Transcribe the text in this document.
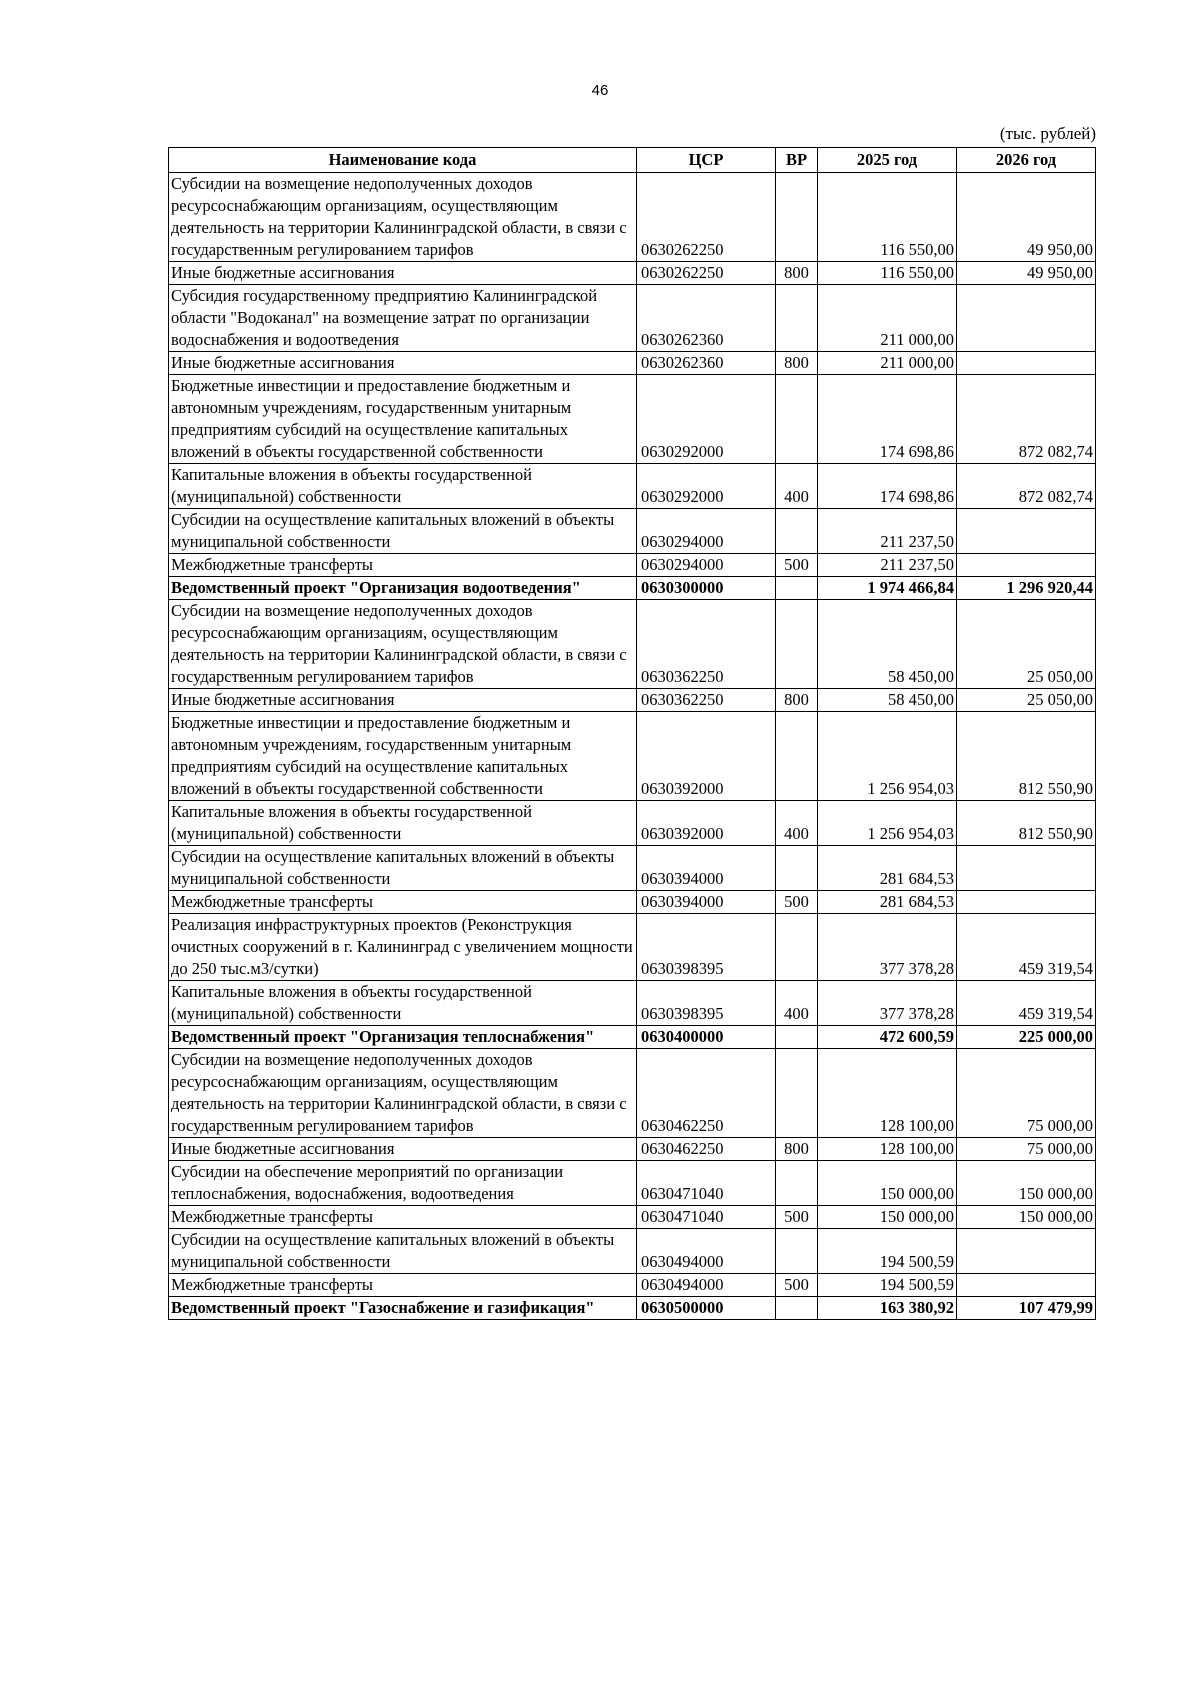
46
(тыс. рублей)
Наименование кода	ЦСР	ВР	2025 год	2026 год
Субсидии на возмещение недополученных доходов ресурсоснабжающим организациям, осуществляющим деятельность на территории Калининградской области, в связи с государственным регулированием тарифов	0630262250		116 550,00	49 950,00
Иные бюджетные ассигнования	0630262250	800	116 550,00	49 950,00
Субсидия государственному предприятию Калининградской области "Водоканал" на возмещение затрат по организации водоснабжения и водоотведения	0630262360		211 000,00	
Иные бюджетные ассигнования	0630262360	800	211 000,00	
Бюджетные инвестиции и предоставление бюджетным и автономным учреждениям, государственным унитарным предприятиям субсидий на осуществление капитальных вложений в объекты государственной собственности	0630292000		174 698,86	872 082,74
Капитальные вложения в объекты государственной (муниципальной) собственности	0630292000	400	174 698,86	872 082,74
Субсидии на осуществление капитальных вложений в объекты муниципальной собственности	0630294000		211 237,50	
Межбюджетные трансферты	0630294000	500	211 237,50	
Ведомственный проект "Организация водоотведения"	0630300000		1 974 466,84	1 296 920,44
Субсидии на возмещение недополученных доходов ресурсоснабжающим организациям, осуществляющим деятельность на территории Калининградской области, в связи с государственным регулированием тарифов	0630362250		58 450,00	25 050,00
Иные бюджетные ассигнования	0630362250	800	58 450,00	25 050,00
Бюджетные инвестиции и предоставление бюджетным и автономным учреждениям, государственным унитарным предприятиям субсидий на осуществление капитальных вложений в объекты государственной собственности	0630392000		1 256 954,03	812 550,90
Капитальные вложения в объекты государственной (муниципальной) собственности	0630392000	400	1 256 954,03	812 550,90
Субсидии на осуществление капитальных вложений в объекты муниципальной собственности	0630394000		281 684,53	
Межбюджетные трансферты	0630394000	500	281 684,53	
Реализация инфраструктурных проектов (Реконструкция очистных сооружений в г. Калининград с увеличением мощности до 250 тыс.м3/сутки)	0630398395		377 378,28	459 319,54
Капитальные вложения в объекты государственной (муниципальной) собственности	0630398395	400	377 378,28	459 319,54
Ведомственный проект "Организация теплоснабжения"	0630400000		472 600,59	225 000,00
Субсидии на возмещение недополученных доходов ресурсоснабжающим организациям, осуществляющим деятельность на территории Калининградской области, в связи с государственным регулированием тарифов	0630462250		128 100,00	75 000,00
Иные бюджетные ассигнования	0630462250	800	128 100,00	75 000,00
Субсидии на обеспечение мероприятий по организации теплоснабжения, водоснабжения, водоотведения	0630471040		150 000,00	150 000,00
Межбюджетные трансферты	0630471040	500	150 000,00	150 000,00
Субсидии на осуществление капитальных вложений в объекты муниципальной собственности	0630494000		194 500,59	
Межбюджетные трансферты	0630494000	500	194 500,59	
Ведомственный проект "Газоснабжение и газификация"	0630500000		163 380,92	107 479,99
